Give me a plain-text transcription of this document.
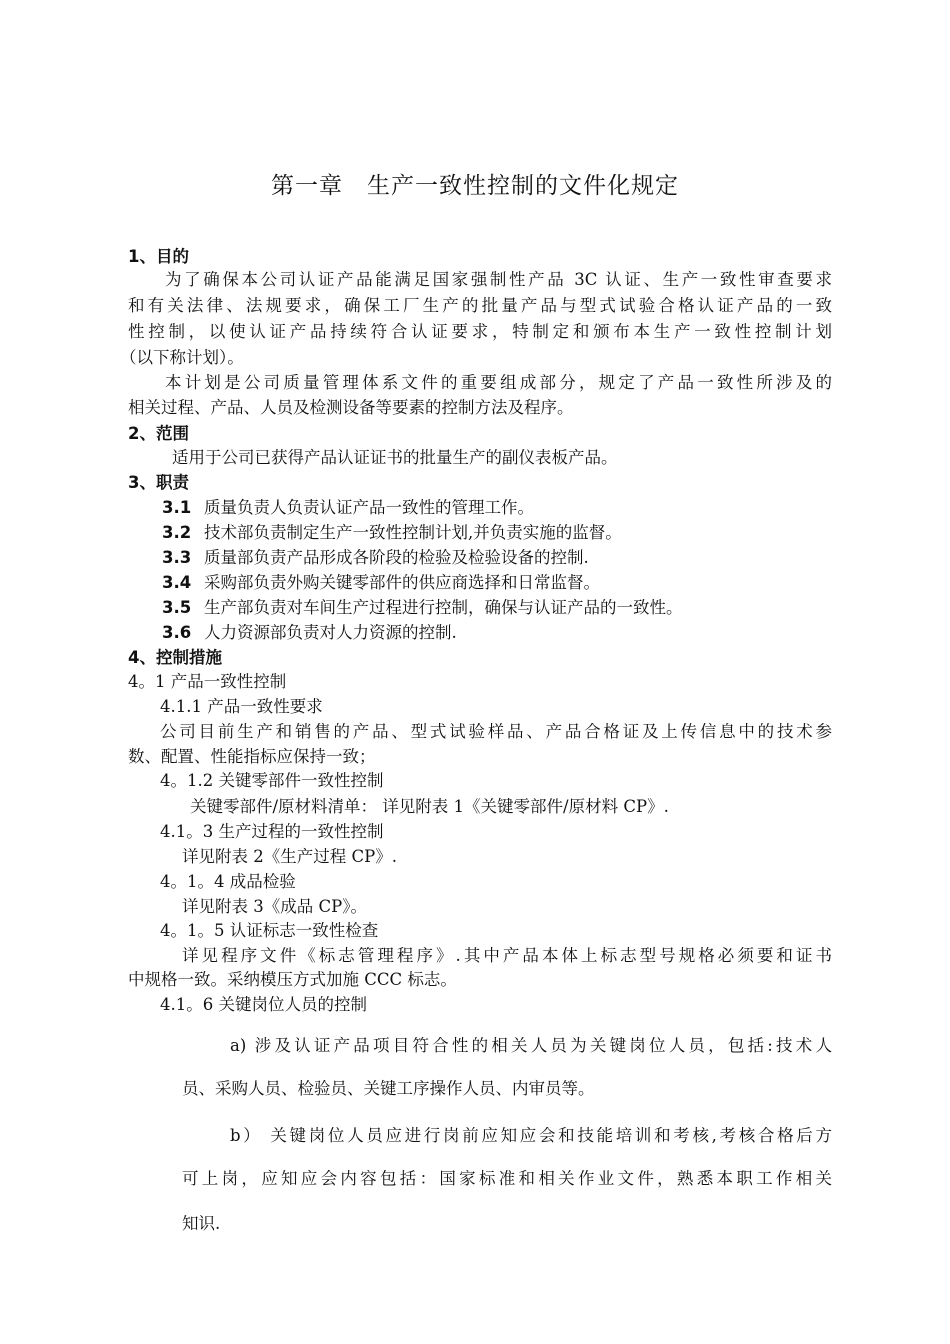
第一章　生产一致性控制的文件化规定
1、目的
为了确保本公司认证产品能满足国家强制性产品 3C 认证、生产一致性审查要求
和有关法律、法规要求，确保工厂生产的批量产品与型式试验合格认证产品的一致
性控制，以使认证产品持续符合认证要求，特制定和颁布本生产一致性控制计划
（以下称计划）。
本计划是公司质量管理体系文件的重要组成部分，规定了产品一致性所涉及的
相关过程、产品、人员及检测设备等要素的控制方法及程序。
2、范围
适用于公司已获得产品认证证书的批量生产的副仪表板产品。
3、职责
3.1 质量负责人负责认证产品一致性的管理工作。
3.2 技术部负责制定生产一致性控制计划,并负责实施的监督。
3.3 质量部负责产品形成各阶段的检验及检验设备的控制.
3.4 采购部负责外购关键零部件的供应商选择和日常监督。
3.5 生产部负责对车间生产过程进行控制，确保与认证产品的一致性。
3.6 人力资源部负责对人力资源的控制.
4、控制措施
4。1 产品一致性控制
4.1.1 产品一致性要求
公司目前生产和销售的产品、型式试验样品、产品合格证及上传信息中的技术参
数、配置、性能指标应保持一致；
4。1.2 关键零部件一致性控制
关键零部件/原材料清单： 详见附表 1《关键零部件/原材料 CP》.
4.1。3 生产过程的一致性控制
详见附表 2《生产过程 CP》.
4。1。4 成品检验
详见附表 3《成品 CP》。
4。1。5 认证标志一致性检查
详见程序文件《标志管理程序》.其中产品本体上标志型号规格必须要和证书
中规格一致。采纳模压方式加施 CCC 标志。
4.1。6 关键岗位人员的控制
a) 涉及认证产品项目符合性的相关人员为关键岗位人员，包括:技术人
员、采购人员、检验员、关键工序操作人员、内审员等。
b） 关键岗位人员应进行岗前应知应会和技能培训和考核,考核合格后方
可上岗，应知应会内容包括：国家标准和相关作业文件，熟悉本职工作相关
知识.
